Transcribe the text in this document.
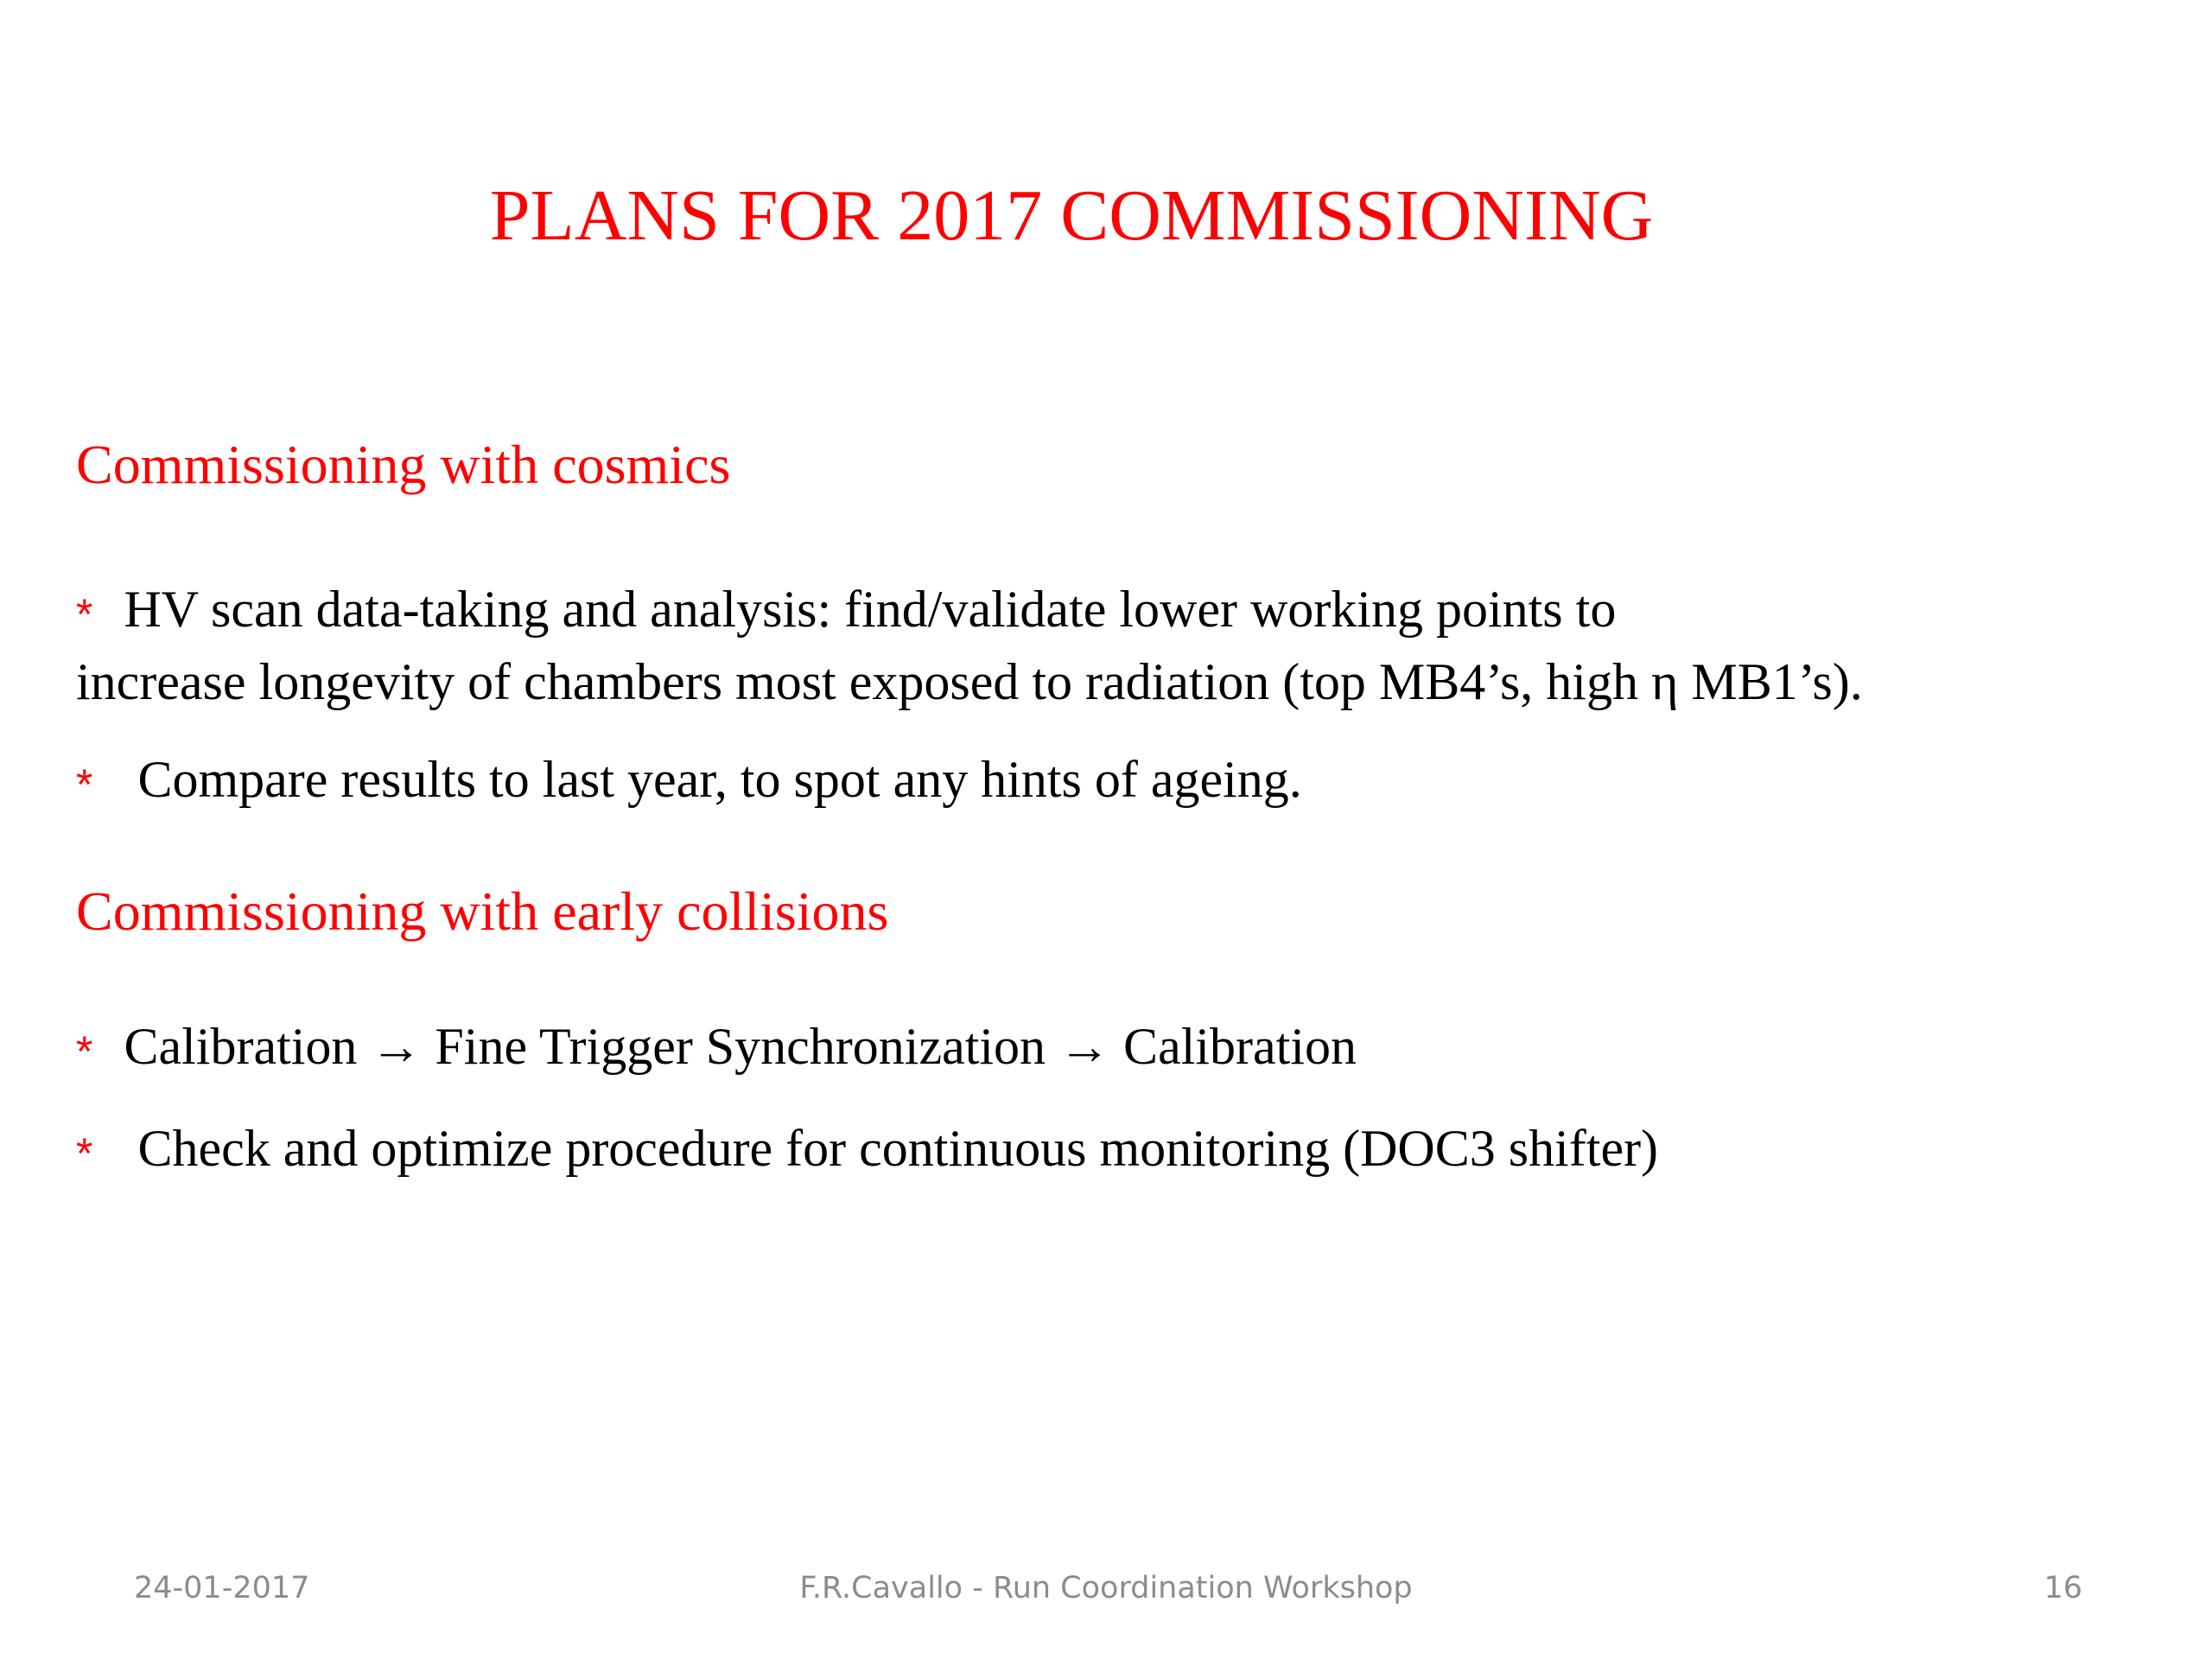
PLANS FOR 2017 COMMISSIONING
Commissioning with cosmics
* HV scan data-taking and analysis: find/validate lower working points to
increase longevity of chambers most exposed to radiation (top MB4’s, high η MB1’s).
* Compare results to last year, to spot any hints of ageing.
Commissioning with early collisions
* Calibration → Fine Trigger Synchronization → Calibration
* Check and optimize procedure for continuous monitoring (DOC3 shifter)
24-01-2017	F.R.Cavallo - Run Coordination Workshop	16
